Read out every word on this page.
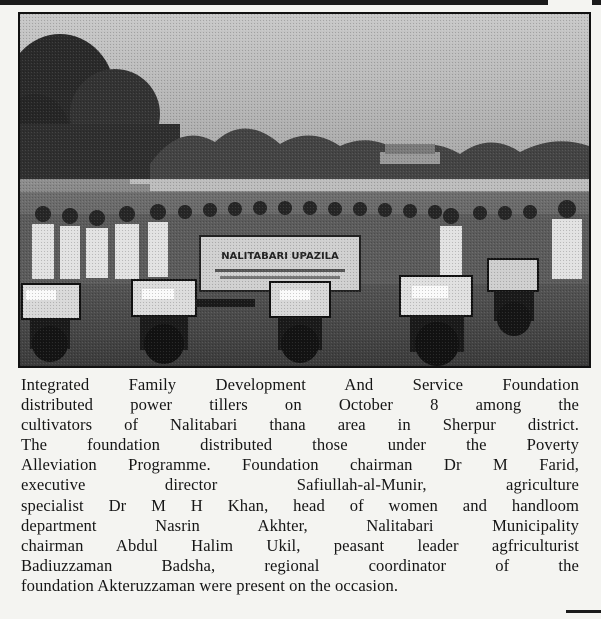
Integrated Family Development And Service Foundation
distributed power tillers on October 8 among the
cultivators of Nalitabari thana area in Sherpur district.
The foundation distributed those under the Poverty
Alleviation Programme. Foundation chairman Dr M Farid,
executive director Safiullah-al-Munir, agriculture
specialist Dr M H Khan, head of women and handloom
department Nasrin Akhter, Nalitabari Municipality
chairman Abdul Halim Ukil, peasant leader agfriculturist
Badiuzzaman Badsha, regional coordinator of the
foundation Akteruzzaman were present on the occasion.
